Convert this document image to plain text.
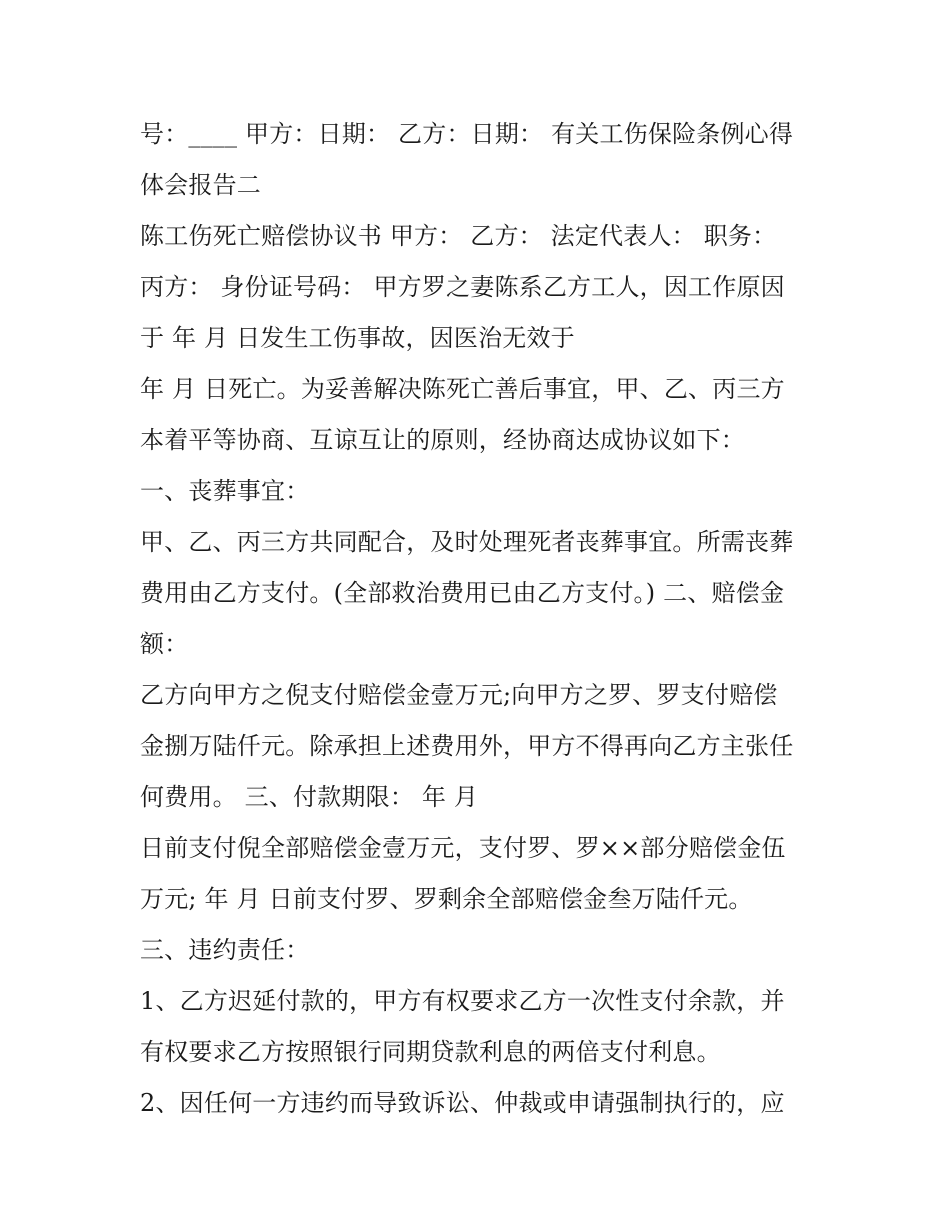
号：____ 甲方：日期： 乙方：日期： 有关工伤保险条例心得
体会报告二
陈工伤死亡赔偿协议书 甲方： 乙方： 法定代表人： 职务：
丙方： 身份证号码： 甲方罗之妻陈系乙方工人，因工作原因
于 年 月 日发生工伤事故，因医治无效于
年 月 日死亡。为妥善解决陈死亡善后事宜，甲、乙、丙三方
本着平等协商、互谅互让的原则，经协商达成协议如下：
一、丧葬事宜：
甲、乙、丙三方共同配合，及时处理死者丧葬事宜。所需丧葬
费用由乙方支付。(全部救治费用已由乙方支付。) 二、赔偿金
额：
乙方向甲方之倪支付赔偿金壹万元;向甲方之罗、罗支付赔偿
金捌万陆仟元。除承担上述费用外，甲方不得再向乙方主张任
何费用。 三、付款期限： 年 月
日前支付倪全部赔偿金壹万元，支付罗、罗××部分赔偿金伍
万元; 年 月 日前支付罗、罗剩余全部赔偿金叁万陆仟元。
三、违约责任：
1、乙方迟延付款的，甲方有权要求乙方一次性支付余款，并
有权要求乙方按照银行同期贷款利息的两倍支付利息。
2、因任何一方违约而导致诉讼、仲裁或申请强制执行的，应
